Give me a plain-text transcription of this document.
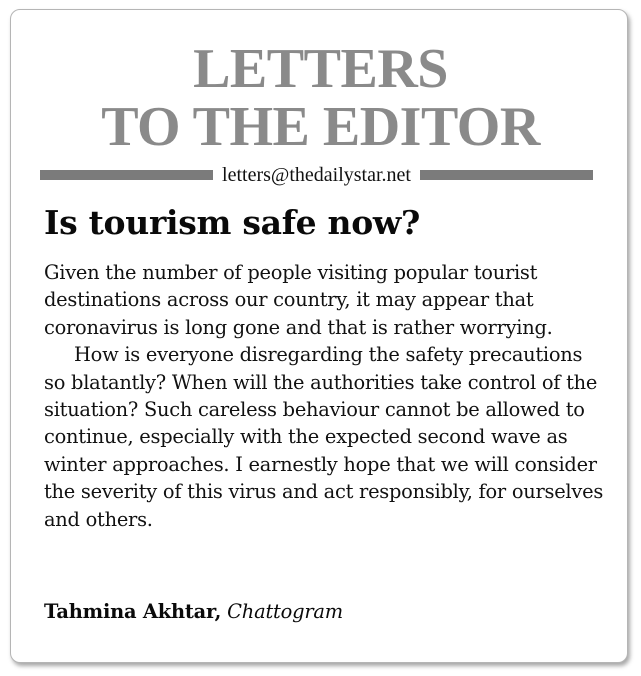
LETTERS
TO THE EDITOR
letters@thedailystar.net
Is tourism safe now?

Given the number of people visiting popular tourist destinations across our country, it may appear that coronavirus is long gone and that is rather worrying.

How is everyone disregarding the safety precautions so blatantly? When will the authorities take control of the situation? Such careless behaviour cannot be allowed to continue, especially with the expected second wave as winter approaches. I earnestly hope that we will consider the severity of this virus and act responsibly, for ourselves and others.

Tahmina Akhtar, Chattogram
